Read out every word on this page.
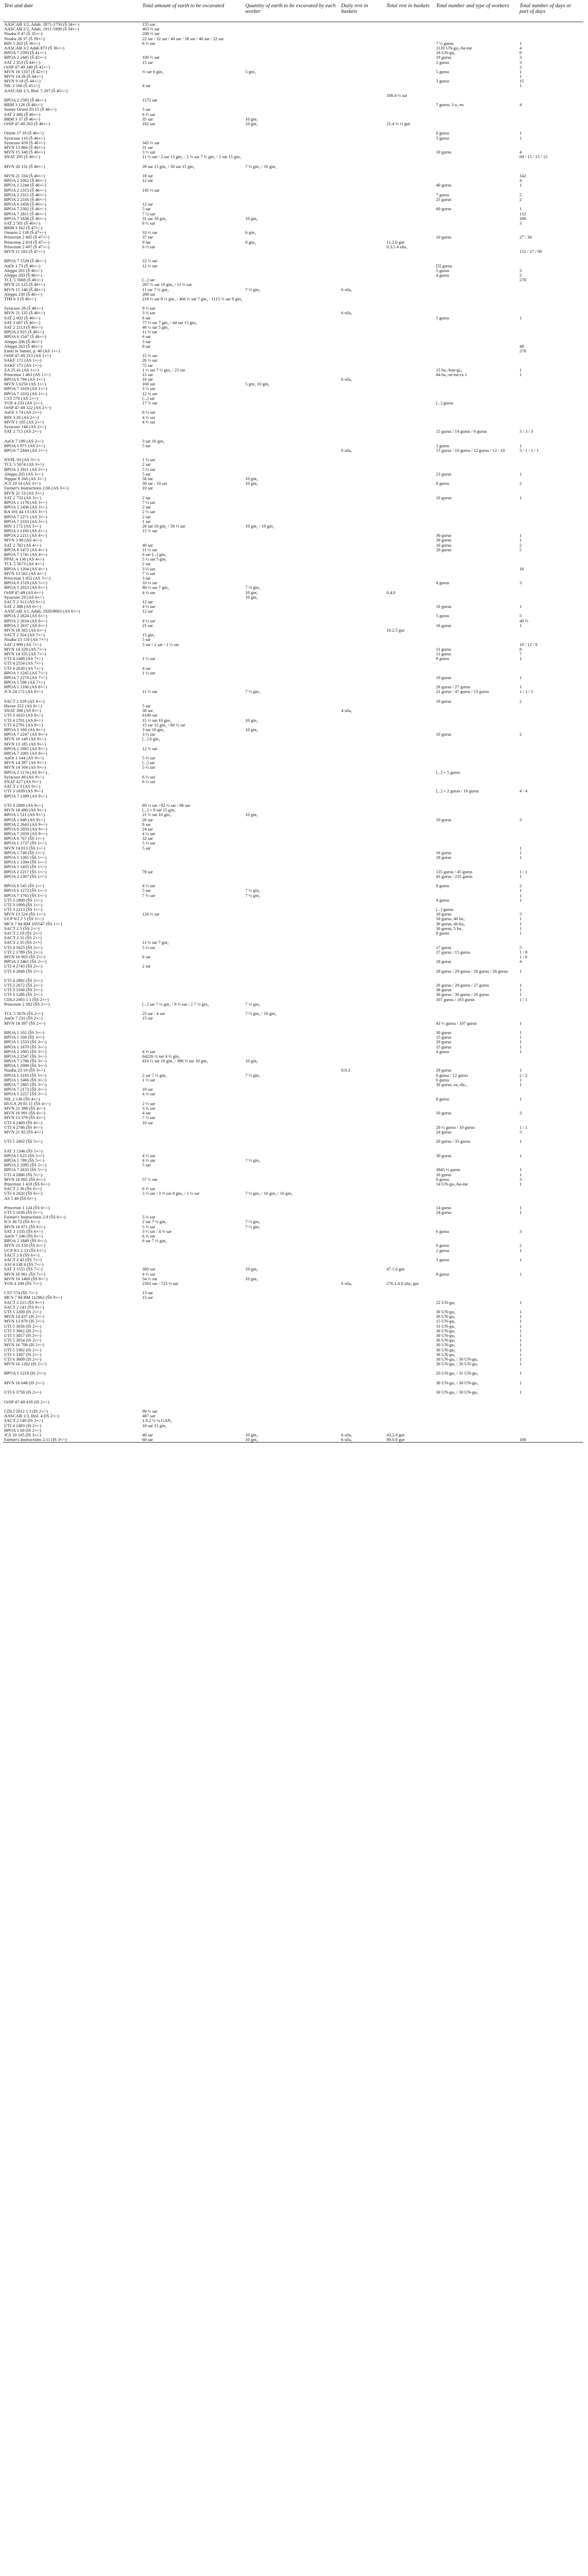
Text and date	Total amount of earth to be excavated	Quantity of earth to be excavated by each worker	Daily rest in baskets	Total rest in baskets	Total number and type of workers	Total number of days or part of days
AASCAB 1/2, Adab; 1871-1750 (Š 34+/-)	155 sar					
AASCAB 2/2, Adab; 1911-1909 (Š 34+/-)	403 ⅔ sar					
Nisaba 9 47 (Š 35+/-)	208 ⅓ sar					
Nisaba 26 37 (Š 39+/-)	22 sar / 32 sar / 40 sar / 58 sar / 46 sar / 22 sar					
BIN 5 263 (Š 36+/-)	6 ⅔ sar				7 ½ gurus	1
AASCAB 3/2 Adab 873 (Š 36+/-)					1120 UN-gu₃-ha-me	4
BPOA 7 2393 (Š 41+/-)					19 UN-gu₃	9
BPOA 2 2445 (Š 42+/-)	100 ⅔ sar				19 gurus	3
SAT 2 353 (Š 44+/-)	15 sar				2 gurus	3
OrSP 47-49 349 (Š 42+/-)						3
MVN 16 1337 (Š 42+/-)	⅔ sar 6 gin₂	5 gin₂			5 gurus	1
MVN 14 26 (Š 44+/-)						1
MVN 9 18 (Š 44+/-)					3 gurus	15
NIL 2 160 (Š 45+/-)	4 sar					1
AASCAB 1/3, Bisl. 5 207 (Š 45+/-)						
				108.4 ½ sar		
BPOA 2 2583 (Š 46+/-)	1572 sar					
BRM 3 126 (Š 46+/-)					7 gurus, 3 u₂-ru	4
Sumer Orient 83 15 (Š 46+/-)	5 sar					
SAT 2 486 (Š 46+/-)	6 ⅔ sar					
BRM 3 37 (Š 46+/-)	35 sar	10 gin₂				
OrSP 47-49 263 (Š 46+/-)	182 sar	10 gin₂		21.4 ½ ½ gur		

Orient 17 19 (Š 46+/-)					6 gurus	1
Syracuse 116 (Š 46+/-)					3 gurus	1
Syracuse 459 (Š 46+/-)	345 ⅔ sar					
MVN 13 866 (Š 46+/-)	31 sar					
MVN 15 340 (Š 46+/-)	5 ⅓ sar				10 gurus	4
SNAT 295 (Š 46+/-)	11 ½ sar / 2 sar 13 gin₂ / 2 ⅔ sar 7 ½ gin₂ / 2 sar 15 gin₂					69 / 15 / 15 / 15

MVN 20 131 (Š 46+/-)	39 sar 15 gin₂ / 50 sar 15 gin₂	7 ½ gin₂ / 10 gin₂				

MVN 21 334 (Š 46+/-)	18 sar					142
BPOA 2 1062 (Š 46+/-)	12 sar					4
BPOA 2 2244 (Š 46+/-)					40 gurus	1
BPOA 2 2313 (Š 46+/-)	145 ⅔ sar					
BPOA 2 2315 (Š 46+/-)					7 gurus	5
BPOA 2 2316 (Š 46+/-)					25 gurus	2
BPOA 6 1456 (Š 46+/-)	12 sar					
BPOA 7 2302 (Š 46+/-)	5 sar				60 gurus	1
BPOA 7 2811 (Š 46+/-)	7 ½ sar					152
BPOA 7 1838 (Š 46+/-)	31 sar 10 gin₂	10 gin₂				186
SAT 2 501 (Š 46+/-)	6 ½ sar					3
BRM 3 162 (Š 47+/-)						
Ontario 2 138 (Š 47+/-)	33 ⅔ sar	6 gin₂				
Princeton 2 405 (Š 47+/-)	37 sar				10 gurus	27 / 36
Princeton 2 414 (Š 47+/-)	9 sar	8 gin₂		11.2.0 gur		
Princeton 2 497 (Š 47+/-)	6 ⅓ sar			0.3.5 4 sila₃		
MVN 11 183 (Š 47+/-)						152 / 27 / 99

BPOA 7 1528 (Š 46+/-)	22 ½ sar					
AnOr 1 73 (Š 46+/-)	12 ⅓ sar				[5] gurus	
Aleppo 201 (Š 46+/-)					5 gurus	3
Aleppo 203 (Š 46+/-)					4 gurus	2
TCL 5 5668 (Š 46+/-)	[...] sar					270
MVN 21 125 (Š 46+/-)	207 ⅓ sar 10 gin₂ / 11 ⅔ sar					
MVN 15 146 (Š 46+/-)	11 sar 7 ½ gin₂	7 ½ gin₂	6 sila₃			
Aleppo 230 (Š 46+/-)	200 sar					
TIM 6 3 (Š 46+/-)	219 ⅔ sar 8 ½ gin₂ / 466 ⅔ sar 7 gin₂ / 1115 ⅔ sar 9 gin₂					

Syracuse 28 (Š 46+/-)	9 ⅓ sar					
MVN 21 135 (Š 46+/-)	3 ⅔ sar		6 sila₃			
SAT 2 602 (Š 46+/-)	6 sar				5 gurus	1
SAT 2 667 (Š 46+/-)	77 ⅔ sar 7 gin₂ / 44 sar 15 gin₂					
SAT 2 2113 (Š 46+/-)	46 ⅓ sar 5 gin₂					
BPOA 2 925 (Š 46+/-)	11 ⅔ sar					
BPOA 6 1547 (Š 46+/-)	6 sar					
Aleppo 206 (Š 46+/-)	3 sar					
Aleppo 263 (Š 46+/-)	8 sar					48
Enoti in Sumer, p. 46 (AS 1+/-)						270
OrSP 47-49 313 (AS 1+/-)	15 ⅔ sar					
SAKF 172 (AS 1+/-)	26 ⅓ sar					
SAKF 171 (AS 1+/-)	72 sar					
ZA 25 41 (AS 1+/-)	1 ½ sar 7 ½ gin₂ / 21 sar				15 ba₂-hun-gi₄	1
Princeton 1 463 (AS 1+/-)	15 sar				84 ba₂-ur-tur-ra 1	1
BPOA 6 794 (AS 1+/-)	10 sar		6 sila₃			
MVN 5 6250 (AS 1+/-)	160 sar	5 gin₂ 10 gin₂				
BPOA 7 1019 (AS 1+/-)	3 ⅓ sar					
BPOA 7 1033 (AS 1+/-)	12 ⅔ sar					
CST 576 (AS 2+/-)	[...] sar					
YOS 4 233 (AS 2+/-)	17 ⅓ sar				[...] gurus	
OrSP 47-49 322 (AS 2+/-)						
AnOr 1 74 (AS 2+/-)	6 ½ sar					
BIN 3 26 (AS 2+/-)	4 ⅔ sar					
MVN 1 105 (AS 2+/-)	4 ⅔ sar					
Syracuse 144 (AS 2+/-)						
SAT 2 715 (AS 2+/-)					15 gurus / 14 gurus / 6 gurus	3 / 3 / 3

AnOr 7 199 (AS 2+/-)	3 sar 10 gin₂					
BPOA 1 971 (AS 2+/-)	5 sar				3 gurus	1
BPOA 7 2444 (AS 2+/-)			6 sila₃		13 gurus / 10 gurus / 12 gurus / 12 / 10	3 / 1 / 1 / 1

NYPL 93 (AS 3+/-)	1 ½ sar					
TCL 5 5674 (AS 3+/-)	2 sar					
BPOA 2 1911 (AS 3+/-)	5 ½ sar					
Aleppo 205 (AS 3+/-)	5 sar				23 gurus	1
Nippur 8 260 (AS 3+/-)	58 sar	10 gin₂				
JCS 10 14 (AS 3+/-)	30 sar / 10 sar	10 gin₂			8 gurus	2
Farmer's Instructions 2.66 (AS 3+/-)	10 sar					
MVN 21 53 (AS 3+/-)						
SAT 2 733 (AS 3+/-)	2 sar				10 gurus	1
BPOA 1 1178 (AS 3+/-)	7 ½ sar					
BPOA 2 2436 (AS 3+/-)	2 sar					
RA 101 44 13 (AS 3+/-)	2 ⅓ sar					
BPOA 7 2271 (AS 3+/-)	2 sar					
BPOA 7 2333 (AS 3+/-)	1 sar					
BIN 3 172 (AS 3+/-)	26 sar 10 gin₂ / 50 ⅔ sar	10 gin₂ / 10 gin₂				
BPOA 1 1160 (AS 4+/-)	15 ⅓ sar					
BPOA 2 2211 (AS 4+/-)					30 gurus	1
MVN 3 98 (AS 4+/-)					30 gurus	1
SAT 2 782 (AS 4+/-)	40 sar				16 gurus	2
BPOA 6 1472 (AS 4+/-)	11 ½ sar				20 gurus	5
BPOA 7 1741 (AS 4+/-)	6 sar [...] gin₂					
PPAC 4 138 (AS 4+/-)	5 ½ sar 5 gin₂					
TCL 5 5673 (AS 4+/-)	2 sar					
BPOA 1 1204 (AS 4+/-)	3 ½ sar					16
MVN 13 562 (AS 4+/-)	7 ½ sar					
Princeton 1 452 (AS 5+/-)	3 sar					
BPOA 6 1519 (AS 5+/-)	33 ½ sar				8 gurus	3
BPOA 1 2923 (AS 6+/-)	80 ½ sar 7 gin₂	7 ½ gin₂				
OrSP 47-49 (AS 6+/-)	4 ⅔ sar	10 gin₂		0.4.0		
Syracuse 29 (AS 6+/-)		10 gin₂				
SACT 2 313 (AS 6+/-)	12 sar					
SAT 2 388 (AS 6+/-)	4 ½ sar				10 gurus	1
AASCAB 3/1, Adab; 1926/8663 (AS 6+/-)	12 sar					
BPOA 2 2624 (AS 6+/-)					5 gurus	5
BPOA 2 2634 (AS 6+/-)	4 ½ sar					40 ⅔
BPOA 2 2637 (AS 6+/-)	21 sar				16 gurus	1
MVN 18 565 (AS 6+/-)				10.2.5 gur		
SACT 2 324 (AS 7+/-)	15 gin₂					
Nisaba 23 118 (AS 7+/-)	5 sar					
SAT 2 999 (AS 7+/-)	5 sar / 2 sar / 1 ½ sar					10 / 12 / 9
MVN 14 329 (AS 7+/-)					11 gurus	8
MVN 14 335 (AS 7+/-)					11 gurus	7
UTI 4 2448 (AS 7+/-)	1 ⅓ sar				8 gurus	1
UTI 4 2554 (AS 7+/-)						
UTI 4 2630 (AS 7+/-)	4 sar					
BPOA 1 1245 (AS 7+/-)	1 ½ sar					
BPOA 7 2274 (AS 7+/-)					10 gurus	1
BPOA 1 598 (AS 7+/-)						
BPOA 1 1106 (AS 8+/-)					26 gurus / 27 gurus	1
JCS 24 172 (AS 8+/-)	11 ⅓ sar	7 ½ gin₂			21 gurus / 47 gurus / 13 gurus	1 / 1 / 1

SACT 2 329 (AS 8+/-)					10 gurus	2
Hirose 352 (AS 8+/-)	5 sar					
SNAT 398 (AS 8+/-)	30 sar		4 sila₃			
UTI 3 1633 (AS 8+/-)	6100 sar					
UTI 4 2701 (AS 8+/-)	15 ⅔ sar 10 gin₂	10 gin₂				
UTI 4 2791 (AS 8+/-)	15 sar 15 gin₂ / 60 ⅓ sar					
BPOA 1 160 (AS 8+/-)	3 sar 10 gin₂	10 gin₂				
BPOA 7 2247 (AS 9+/-)	3 ½ sar				10 gurus	2
MVN 10 140 (AS 9+/-)	[...] 6 gin₂					
MVN 13 185 (AS 9+/-)						
BPOA 1 2687 (AS 9+/-)	12 ⅔ sar					
BPOA 7 1091 (AS 9+/-)						
AnOr 1 144 (AS 9+/-)	5 ⅔ sar					
MVN 14 397 (AS 9+/-)	[...] sar					
MVN 14 504 (AS 9+/-)	5 ½ sar					
BPOA 2 1174 (AS 9+/-)_					[...] + 5 gurus	
Syracuse 49 (AS 9+/-)	6 ⅓ sar					
SNAT 427 (AS 9+/-)	6 ½ sar					
SACT 2 3 (AS 9+/-)						
UTI 3 1839 (AS 9+/-)					[...] + 2 gurus / 16 gurus	4 / 4
BPOA 7 1309 (AS 9+/-)						

UTI 3 2009 (AS 9+/-)	69 ½ sar / 82 ½ sar / 96 sar					
MVN 18 490 (AS 9+/-)	[...] + 9 sar 15 gin₂					
BPOA 1 511 (AS 9+/-)	21 ⅓ sar 10 gin₂	10 gin₂				
BPOA 1 948 (AS 9+/-)	26 sar				10 gurus	3
BPOA 2 2643 (AS 9+/-)	8 sar					
BPOA 6 2050 (AS 9+/-)	24 sar					
BPOA 7 2059 (AS 9+/-)	4 ½ sar					
BPOA 6 767 (ŠS 1+/-)	32 sar					
BPOA 1 1737 (ŠS 1+/-)	5 ⅔ sar					
MVN 14 813 (ŠS 1+/-)	5 sar					1
BPOA 1 748 (ŠS 1+/-)					16 gurus	1
BPOA 1 1381 (ŠS 1+/-)					18 gurus	1
BPOA 1 1394 (ŠS 1+/-)						
BPOA 1 1435 (ŠS 1+/-)						
BPOA 2 2217 (ŠS 1+/-)	78 sar				135 gurus / 45 gurus	1 / 1
BPOA 2 2307 (ŠS 1+/-)					41 gurus / 235 gurus	1

BPOA 6 545 (ŠS 1+/-)	4 ⅓ sar				8 gurus	2
BPOA 6 1272 (ŠS 1+/-)	5 sar	7 ½ gin₂				1
BPOA 7 1765 (ŠS 1+/-)	7 ⅔ sar	7 ½ gin₂				1
UTI 3 1800 (ŠS 1+/-)					4 gurus	1
UTI 3 1899 (ŠS 1+/-)						
UTI 3 2213 (ŠS 1+/-)					[...] gurus	
MVN 13 524 (ŠS 1+/-)	120 ⅔ sar				10 gurus	3
UCP 9/2 2 5 (ŠS 1+/-)					50 gurus, 40 ba₂	1
MCS 7 84 BM 105547 (ŠS 1+/-)					30 gurus, ab-ba₂	1
SACT 2 5 (ŠS 2+/-)					30 gurus, 5 ba₂	1
SACT 2 19 (ŠS 2+/-)					8 gurus	1
SACT 2 31 (ŠS 2+/-)						
SACT 2 35 (ŠS 2+/-)	11 ⅓ sar 7 gin₂					
UTI 3 1625 (ŠS 2+/-)	5 ⅓ sar				17 gurus	5
UTI 2 1789 (ŠS 2+/-)					17 gurus / 15 gurus	1 / 8
MVN 16 903 (ŠS 2+/-)	6 sar					1 / 6
BPOA 2 2461 (ŠS 2+/-)					18 gurus	4
UTI 4 2743 (ŠS 2+/-)	2 sar					
UTI 4 2848 (ŠS 2+/-)					28 gurus / 29 gurus / 20 gurus / 26 gurus	1

UTI 4 2892 (ŠS 2+/-)						
UTI 3 2072 (ŠS 2+/-)					26 gurus / 28 gurus / 27 gurus	1
UTI 3 3166 (ŠS 2+/-)					38 gurus	1
UTI 3 1266 (ŠS 2+/-)					30 gurus / 36 gurus / 26 gurus	1
CDLJ 2003 1 1 (ŠS 2+/-)					107 gurus / 193 gurus	1 / 1
Princeton 2 392 (ŠS 2+/-)	[...] sar 7 ½ gin₂ / 9 ⅔ sar / 2 7 ½ gin₂	7 ½ gin₂				

TCL 5 5676 (ŠS 2+/-)	25 sar / 4 sar	7 ½ gin₂ / 10 gin₂				
AnOr 7 231 (ŠS 2+/-)	15 sar					
MVN 18 397 (ŠS 2+/-)					43 ⅓ gurus / 107 gurus	1

BPOA 1 102 (ŠS 3+/-)					30 gurus	1
BPOA 1 500 (ŠS 3+/-)					15 gurus	1
BPOA 1 1533 (ŠS 3+/-)					20 gurus	1
BPOA 1 1670 (ŠS 3+/-)					15 gurus	1
BPOA 2 1965 (ŠS 3+/-)	4 ⅔ sar				4 gurus	1
BPOA 2 2547 (ŠS 3+/-)	64226 ⅓ sar 4 ⅔ gin₂					
BPOA 7 1786 (ŠS 3+/-)	410 ⅓ sar 10 gin₂ / 398 ⅓ sar 10 gin₂	10 gin₂				
BPOA 1 2009 (ŠS 3+/-)						
Nisaba 23 19 (ŠS 3+/-)			0.0.3		29 gurus	1
BPOA 1 1193 (ŠS 3+/-)	2 sar 7 ½ gin₂	7 ½ gin₂			6 gurus / 12 gurus	2 / 2
BPOA 1 1466 (ŠS 3+/-)	1 ⅔ sar				6 gurus	1
BPOA 7 1885 (ŠS 3+/-)					30 gurus, sa₂-du₁₁	1
BPOA 7 2173 (ŠS 3+/-)	10 sar					
BPOA 1 2257 (ŠS 3+/-)	4 ⅔ sar					
NIL 2 136 (ŠS 4+/-)					8 gurus	1
HUCA 29 85 11 (ŠS 4+/-)	2 ½ sar					
MVN 21 388 (ŠS 4+/-)	3 ⅔ sar					
MVN 16 991 (ŠS 4+/-)	4 sar				10 gurus	3
MVN 13 379 (ŠS 4+/-)	7 ⅓ sar					
UTI 4 2469 (ŠS 4+/-)	10 sar					
UTI 4 2746 (ŠS 4+/-)					20 ½ gurus / 10 gurus	1 / 1
MVN 21 92 (ŠS 4+/-)					24 gurus	3

UTI 5 3402 (ŠS 5+/-)					20 gurus / 33 gurus	1

SAT 3 1346 (ŠS 5+/-)						
BPOA 1 625 (ŠS 5+/-)	4 ⅔ sar				30 gurus	1
BPOA 1 789 (ŠS 5+/-)	4 ⅔ sar	7 ½ gin₂				
BPOA 2 2095 (ŠS 5+/-)	5 sar					
BPOA 7 2632 (ŠS 5+/-)					3045 ½ gurus	1
UTI 4 2666 (ŠS 5+/-)					10 gurus	1
MVN 16 802 (ŠS 6+/-)	57 ⅔ sar				6 gurus	3
Princeton 1 418 (ŠS 6+/-)					14 UN-gu₃-ha-me	1
SACT 2 36 (ŠS 6+/-)	6 ⅔ sar					
UTI 4 2620 (ŠS 6+/-)	3 ⅓ sar / 3 ⅔ sar 8 gin₂ / 1 ⅓ sar	7 ½ gin₂ / 10 gin₂ / 10 gin₂				
AS 5 48 (ŠS 6+/-)						

Princeton 1 124 (ŠS 6+/-)					14 gurus	1
UTI 3 1636 (ŠS 6+/-)					24 gurus	1
Farmer's Instructions 2.9 (ŠS 6+/-)	5 ⅔ sar					
ICS 36 72 (ŠS 6+/-)	2 sar 7 ½ gin₂	7 ½ gin₂				
MVN 16 871 (ŠS 6+/-)	5 ⅔ sar	7 ½ gin₂				
SAT 3 1335 (ŠS 6+/-)	3 ⅓ sar / 4 ⅔ sar				6 gurus	3
AnOr 7 246 (ŠS 6+/-)	6 ⅔ sar					
BPOA 2 1849 (ŠS 6+/-)	6 sar 7 ½ gin₂					
MVN 21 150 (ŠS 6+/-)					6 gurus	2
UCP 9/2 2 13 (ŠS 6+/-)					2 gurus	1
SACT 2 8 (ŠS 6+/-)						
SACT 2 43 (ŠS 7+/-)					3 gurus	1
ASJ 4 138 4 (ŠS 7+/-)						
SAT 3 1551 (ŠS 7+/-)	360 sar	10 gin₂		47.1.0 gur		
MVN 16 961 (ŠS 7+/-)	4 ⅔ sar				8 gurus	1
MVN 16 1469 (ŠS 8+/-)	54 ⅓ sar	10 gin₂				
YOS 4 209 (ŠS 7+/-)	2303 sar / 723 ⅔ sar		6 sila₃	276.1.4 8 sila₃ gur		

CST 574 (ŠS 7+/-)	13 sar					
MCS 7 94 BM 112962 (ŠS 9+/-)	15 sar					
SACT 2 215 (ŠS 9+/-)					22 UN-gu₃	1
SACT 2 141 (ŠS 9+/-)						
UTI 5 3200 (IS 2+/-)					30 UN-gu₃	1
MVN 14 437 (IS 2+/-)					30 UN-gu₃	1
MVN 13 879 (IS 2+/-)					15 UN-gu₃	1
UTI 5 3056 (IS 2+/-)					31 UN-gu₃	1
UTI 5 3062 (IS 2+/-)					30 UN-gu₃	1
UTI 5 3057 (IS 2+/-)					30 UN-gu₃	1
UTI 5 3054 (IS 2+/-)					30 UN-gu₃	1
MVN 16 708 (IS 2+/-)					30 UN-gu₃	1
UTI 5 3302 (IS 2+/-)					30 UN-gu₃	1
UTI 5 3307 (IS 2+/-)					30 UN-gu₃	1
UTI 6 3609 (IS 2+/-)					30 UN-gu₃ / 30 UN-gu₃	1
MVN 16 1282 (IS 2+/-)					30 UN-gu₃ / 30 UN-gu₃	1

BPOA 1 1218 (IS 2+/-)					20 UN-gu₃ / 31 UN-gu₃	1

MVN 16 648 (IS 2+/-)					30 UN-gu₃ / 30 UN-gu₃	1

UTI 6 3758 (IS 2+/-)					30 UN-gu₃ / 30 UN-gu₃	1

OrSP 47-49 418 (IS 2+/-)						

CDLJ 2012 1 3 (IS 2+/-)	99 ⅔ sar					
AASCAB 1/3, Bisl. 4 (IS 2+/-)	487 sar					
SACT 2 140 (IS 2+/-)	1.0.2 ½ ¼ GAN₂					
UTI 4 2493 (IS 2+/-)	18 sar 15 gin₂					
BPOA 1 60 (IS 2+/-)						
JCS 10 105 (IS 3+/-)	40 sar	10 gin₂	6 sila₃	43.2.0 gur		
Farmer's Instructions 2.11 (IS 3+/-)	60 sar	10 gin₂	6 sila₃	90.0.0 gur		100
